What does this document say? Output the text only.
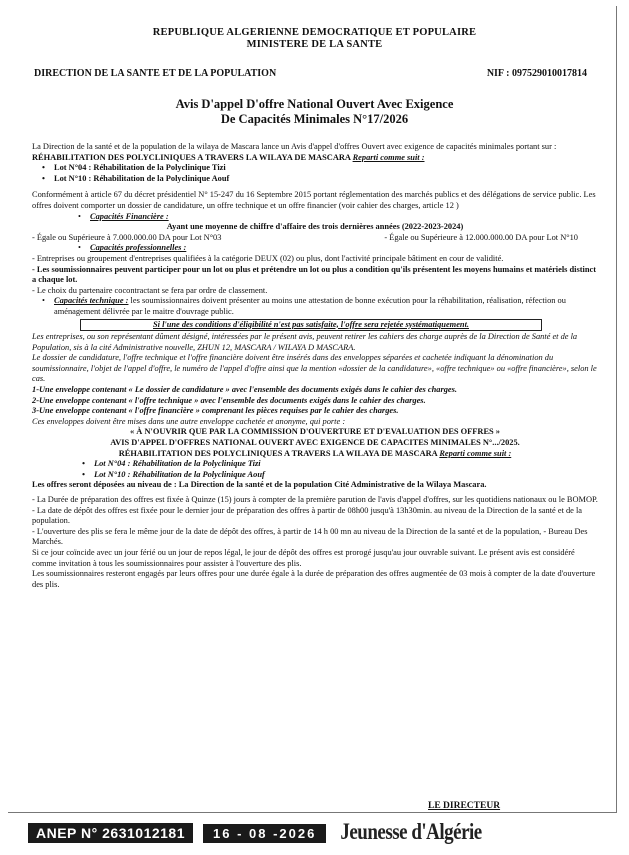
REPUBLIQUE ALGERIENNE DEMOCRATIQUE ET POPULAIRE
MINISTERE DE LA SANTE
DIRECTION DE LA SANTE ET DE LA POPULATION	NIF : 097529010017814
Avis D'appel D'offre National Ouvert Avec Exigence
De Capacités Minimales N°17/2026

La Direction de la santé et de la population de la wilaya de Mascara lance un Avis d'appel d'offres Ouvert avec exigence de capacités minimales portant sur :

RÉHABILITATION DES POLYCLINIQUES A TRAVERS LA WILAYA DE MASCARA Reparti comme suit :

• Lot N°04 : Réhabilitation de la Polyclinique Tizi

• Lot N°10 : Réhabilitation de la Polyclinique Aouf

Conformément à article 67 du décret présidentiel N° 15-247 du 16 Septembre 2015 portant réglementation des marchés publics et des délégations de service public. Les offres doivent comporter un dossier de candidature, un offre technique et un offre financier (voir cahier des charges, article 12 )

• Capacités Financière :

Ayant une moyenne de chiffre d'affaire des trois dernières années (2022-2023-2024)

- Égale ou Supérieure à 7.000.000.00 DA pour Lot N°03	- Égale ou Supérieure à 12.000.000.00 DA pour Lot N°10

• Capacités professionnelles :

- Entreprises ou groupement d'entreprises qualifiées à la catégorie DEUX (02) ou plus, dont l'activité principale bâtiment en cour de validité.

- Les soumissionnaires peuvent participer pour un lot ou plus et prétendre un lot ou plus a condition qu'ils présentent les moyens humains et matériels distinct a chaque lot.

- Le choix du partenaire cocontractant se fera par ordre de classement.

• Capacités technique : les soumissionnaires doivent présenter au moins une attestation de bonne exécution pour la réhabilitation, réalisation, réfection ou aménagement délivrée par le maitre d'ouvrage public.

Si l'une des conditions d'éligibilité n'est pas satisfaite, l'offre sera rejetée systématiquement.

Les entreprises, ou son représentant dûment désigné, intéressées par le présent avis, peuvent retirer les cahiers des charge auprès de la Direction de Santé et de la Population, sis à la cité Administrative nouvelle, ZHUN 12, MASCARA / WILAYA D MASCARA.

Le dossier de candidature, l'offre technique et l'offre financière doivent être insérés dans des enveloppes séparées et cachetée indiquant la dénomination du soumissionnaire, l'objet de l'appel d'offre, le numéro de l'appel d'offre ainsi que la mention «dossier de la candidature», «offre technique» ou «offre financière», selon le cas.

1-Une enveloppe contenant « Le dossier de candidature » avec l'ensemble des documents exigés dans le cahier des charges.

2-Une enveloppe contenant « l'offre technique » avec l'ensemble des documents exigés dans le cahier des charges.

3-Une enveloppe contenant « l'offre financière » comprenant les pièces requises par le cahier des charges.

Ces enveloppes doivent être mises dans une autre enveloppe cachetée et anonyme, qui porte :

« À N'OUVRIR QUE PAR LA COMMISSION D'OUVERTURE ET D'EVALUATION DES OFFRES »

AVIS D'APPEL D'OFFRES NATIONAL OUVERT AVEC EXIGENCE DE CAPACITES MINIMALES N°.../2025.

RÉHABILITATION DES POLYCLINIQUES A TRAVERS LA WILAYA DE MASCARA Reparti comme suit :

• Lot N°04 : Réhabilitation de la Polyclinique Tizi

• Lot N°10 : Réhabilitation de la Polyclinique Aouf

Les offres seront déposées au niveau de : La Direction de la santé et de la population Cité Administrative de la Wilaya Mascara.

- La Durée de préparation des offres est fixée à Quinze (15) jours à compter de la première parution de l'avis d'appel d'offres, sur les quotidiens nationaux ou le BOMOP.

- La date de dépôt des offres est fixée pour le dernier jour de préparation des offres à partir de 08h00 jusqu'à 13h30min. au niveau de la Direction de la santé et de la population.

- L'ouverture des plis se fera le même jour de la date de dépôt des offres, à partir de 14 h 00 mn au niveau de la Direction de la santé et de la population, - Bureau Des Marchés.

Si ce jour coïncide avec un jour férié ou un jour de repos légal, le jour de dépôt des offres est prorogé jusqu'au jour ouvrable suivant. Le présent avis est considéré comme invitation à tous les soumissionnaires pour assister à l'ouverture des plis.

Les soumissionnaires resteront engagés par leurs offres pour une durée égale à la durée de préparation des offres augmentée de 03 mois à compter de la date d'ouverture des plis.

LE DIRECTEUR
ANEP N° 2631012181	16 - 08 -2026	Jeunesse d'Algérie
